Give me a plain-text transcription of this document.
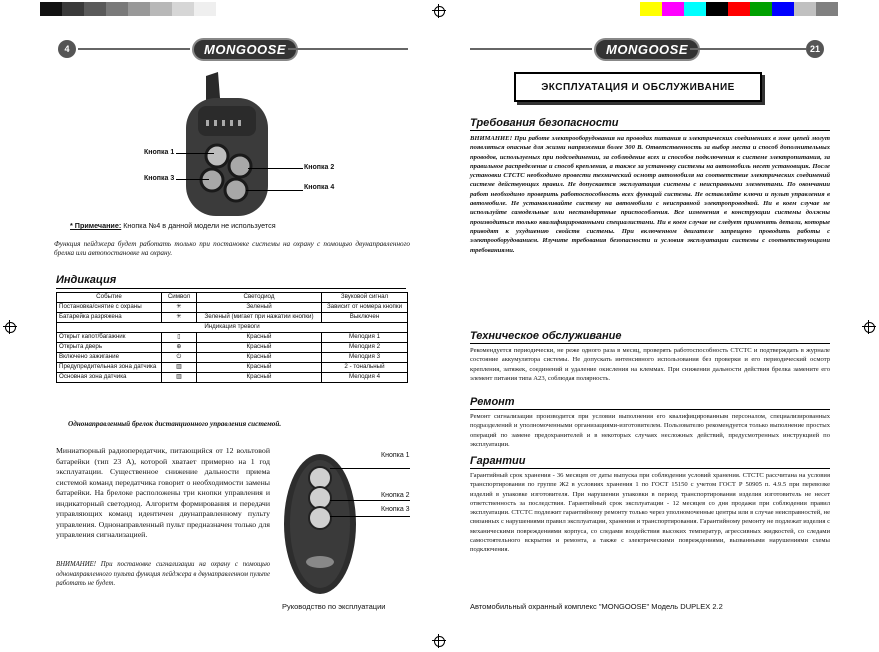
4	MONGOOSE
Кнопка 1
Кнопка 2
Кнопка 3
Кнопка 4
* Примечание: Кнопка №4 в данной модели не используется
Функция пейджера будет работать только при постановке системы на охрану с помощью двунаправленного брелка или автопостановке на охрану.
Индикация
Событие	Символ	Светодиод	Звуковой сигнал
Постановка/снятие с охраны	✳	Зеленый	Зависит от номера кнопки
Батарейка разряжена	✳	Зеленый (мигает при нажатии кнопки)	Выключен
Индикация тревоги			
Открыт капот/багажник	▯	Красный	Мелодия 1
Открыта дверь	⊕	Красный	Мелодия 2
Включено зажигание	⏻	Красный	Мелодия 3
Предупредительная зона датчика	▥	Красный	2 - тональный
Основная зона датчика	▥	Красный	Мелодия 4
Однонаправленный брелок дистанционного управления системой.
Миниатюрный радиопередатчик, питающийся от 12 вольтовой батарейки (тип 23 А), которой хватает примерно на 1 год эксплуатации. Существенное снижение дальности приема системой команд передатчика говорит о необходимости замены батарейки. На брелоке расположены три кнопки управления и индикаторный светодиод. Алгоритм формирования и передачи управляющих команд идентичен двунаправленному пульту управления. Однонаправленный пульт предназначен только для управления сигнализацией.
ВНИМАНИЕ! При постановке сигнализации на охрану с помощью однонаправленного пульта функция пейджера в двунаправленном пульте работать не будет.
Кнопка 1
Кнопка 2
Кнопка 3
Руководство по эксплуатации
MONGOOSE	21
ЭКСПЛУАТАЦИЯ И ОБСЛУЖИВАНИЕ
Требования безопасности
ВНИМАНИЕ! При работе электрооборудования на проводах питания и электрических соединениях в зоне цепей могут появляться опасные для жизни напряжения более 300 В. Ответственность за выбор места и способ дополнительных проводов, используемых при подсоединении, за соблюдение всех и способов подключения к системе электропитания, за правильное распределение и способ крепления, а также за установку системы на автомобиль несет установщик. После установки СТСТС необходимо провести технический осмотр автомобиля на соответствие электрических соединений системе действующих правил. Не допускается эксплуатация системы с неисправными элементами. По окончании работ необходимо проверить работоспособность всех функций системы. Не оставляйте ключи и пульт управления в автомобиле. Не устанавливайте систему на автомобили с неисправной электропроводкой. Ни в коем случае не используйте самодельные или нестандартные приспособления. Все изменения в конструкции системы должны производиться только квалифицированными специалистами. Ни в коем случае не следует применять детали, которые приводят к ухудшению свойств системы. При включенном двигателе запрещено проводить работы с электрооборудованием. Изучите требования безопасности и условия эксплуатации системы с соответствующими требованиями.
Техническое обслуживание
Рекомендуется периодически, не реже одного раза в месяц, проверять работоспособность СТСТС и подтверждать в журнале состояние аккумулятора системы. Не допускать интенсивного использования без проверки и его периодический осмотр крепления, затяжек, соединений и удаление окисления на клеммах. При снижении дальности действия брелка замените его элемент питания типа А23, соблюдая полярность.
Ремонт
Ремонт сигнализации производится при условии выполнения его квалифицированным персоналом, специализированных подразделений и уполномоченными организациями-изготовителем. Пользователю рекомендуется только выполнение простых операций по замене предохранителей и в некоторых случаях несложных действий, предусмотренных инструкцией по эксплуатации.
Гарантии
Гарантийный срок хранения - 36 месяцев от даты выпуска при соблюдении условий хранения. СТСТС рассчитана на условия транспортирования по группе Ж2 в условиях хранения 1 по ГОСТ 15150 с учетом ГОСТ Р 50905 п. 4.9.5 при перевозке изделий в упаковке изготовителя. При нарушении упаковки в период транспортирования изделия изготовитель не несет ответственность за последствия. Гарантийный срок эксплуатации - 12 месяцев со дня продажи при соблюдении правил эксплуатации. СТСТС подлежит гарантийному ремонту только через уполномоченные центры или в случае неисправностей, не связанных с нарушениями правил эксплуатации, хранения и транспортирования. Гарантийному ремонту не подлежат изделия с механическими повреждениями корпуса, со следами воздействия высоких температур, агрессивных жидкостей, со следами самостоятельного вскрытия и ремонта, а также с электрическими повреждениями, вызванными нарушениями схемы подключения.
Автомобильный охранный комплекс "MONGOOSE" Модель DUPLEX 2.2
